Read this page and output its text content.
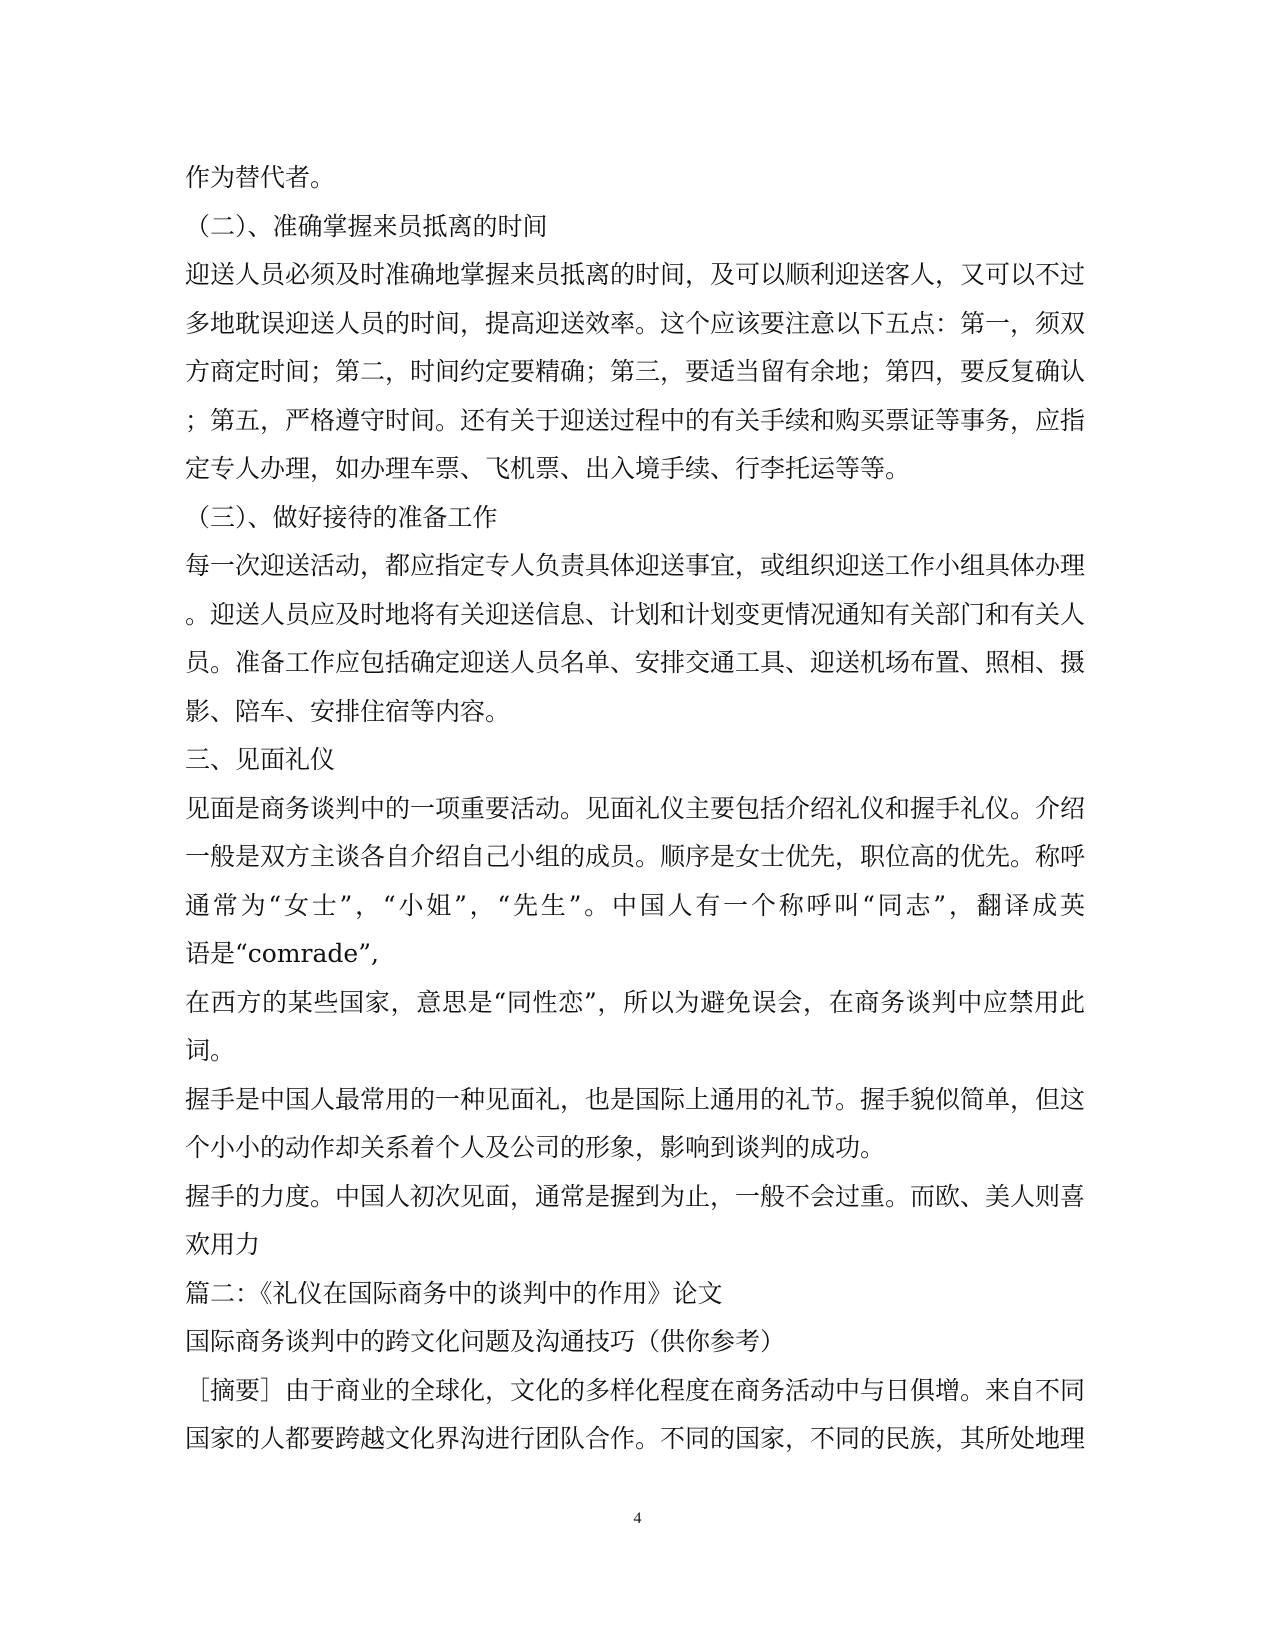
作为替代者。
（二）、准确掌握来员抵离的时间
迎送人员必须及时准确地掌握来员抵离的时间，及可以顺利迎送客人，又可以不过
多地耽误迎送人员的时间，提高迎送效率。这个应该要注意以下五点：第一，须双
方商定时间；第二，时间约定要精确；第三，要适当留有余地；第四，要反复确认
；第五，严格遵守时间。还有关于迎送过程中的有关手续和购买票证等事务，应指
定专人办理，如办理车票、飞机票、出入境手续、行李托运等等。
（三）、做好接待的准备工作
每一次迎送活动，都应指定专人负责具体迎送事宜，或组织迎送工作小组具体办理
。迎送人员应及时地将有关迎送信息、计划和计划变更情况通知有关部门和有关人
员。准备工作应包括确定迎送人员名单、安排交通工具、迎送机场布置、照相、摄
影、陪车、安排住宿等内容。
三、见面礼仪
见面是商务谈判中的一项重要活动。见面礼仪主要包括介绍礼仪和握手礼仪。介绍
一般是双方主谈各自介绍自己小组的成员。顺序是女士优先，职位高的优先。称呼
通常为“女士”，“小姐”，“先生”。中国人有一个称呼叫“同志”，翻译成英
语是“comrade”,
在西方的某些国家，意思是“同性恋”，所以为避免误会，在商务谈判中应禁用此
词。
握手是中国人最常用的一种见面礼，也是国际上通用的礼节。握手貌似简单，但这
个小小的动作却关系着个人及公司的形象，影响到谈判的成功。
握手的力度。中国人初次见面，通常是握到为止，一般不会过重。而欧、美人则喜
欢用力
篇二：《礼仪在国际商务中的谈判中的作用》论文
国际商务谈判中的跨文化问题及沟通技巧（供你参考）
［摘要］由于商业的全球化，文化的多样化程度在商务活动中与日俱增。来自不同
国家的人都要跨越文化界沟进行团队合作。不同的国家，不同的民族，其所处地理
4
